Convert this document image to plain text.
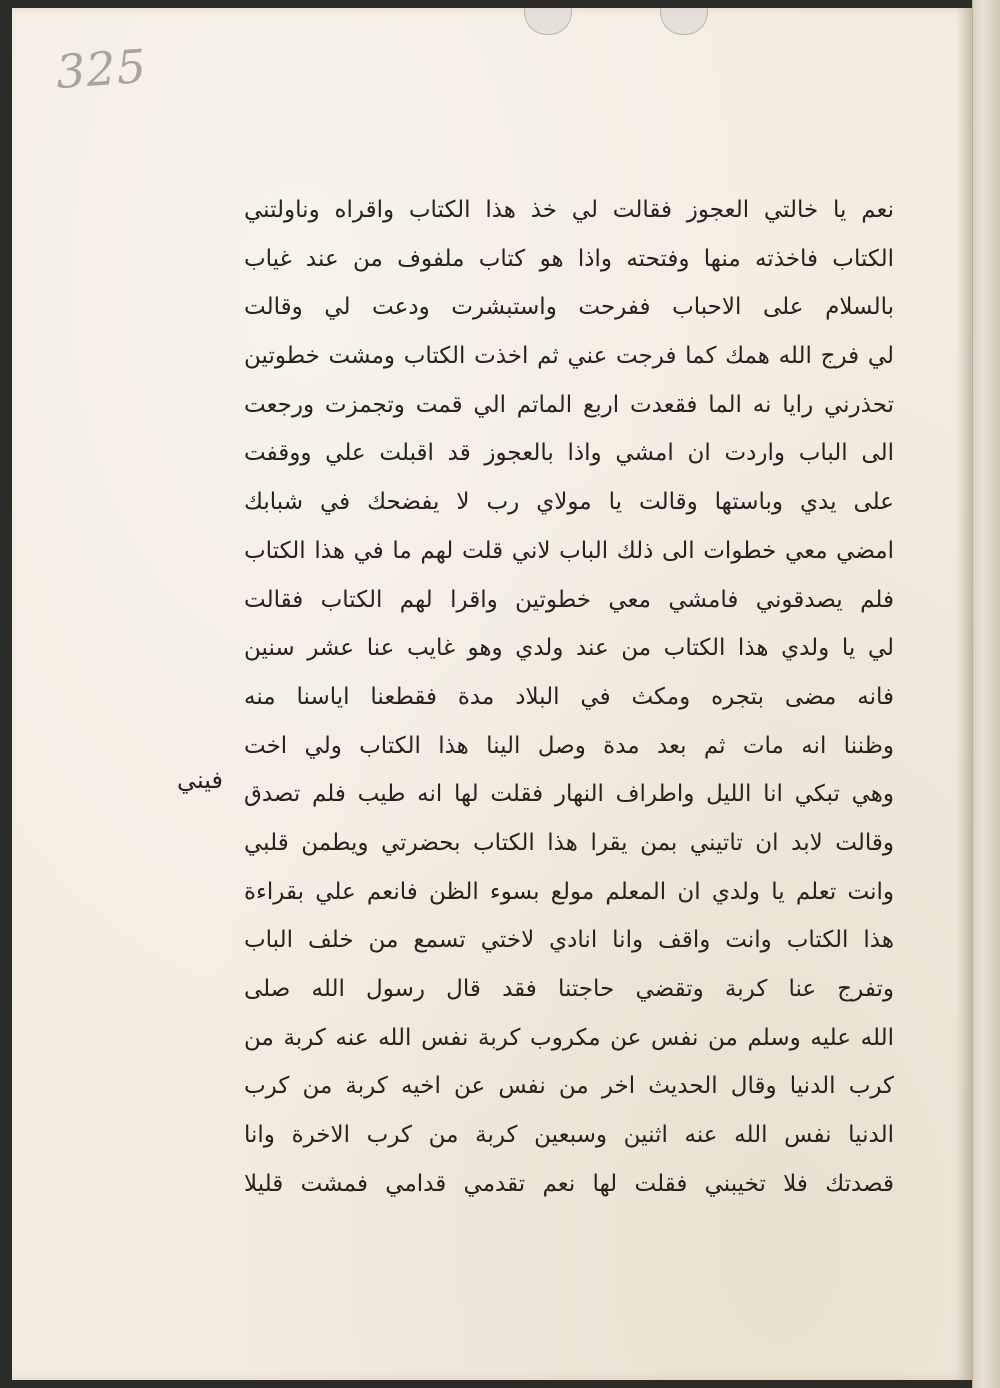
325
فيني
نعم يا خالتي العجوز فقالت لي خذ هذا الكتاب واقراه وناولتني
الكتاب فاخذته منها وفتحته واذا هو كتاب ملفوف من عند غياب
بالسلام على الاحباب ففرحت واستبشرت ودعت لي وقالت
لي فرج الله همك كما فرجت عني ثم اخذت الكتاب ومشت خطوتين
تحذرني رايا نه الما فقعدت اربع الماتم الي قمت وتجمزت ورجعت
الى الباب واردت ان امشي واذا بالعجوز قد اقبلت علي ووقفت
على يدي وباستها وقالت يا مولاي رب لا يفضحك في شبابك
امضي معي خطوات الى ذلك الباب لاني قلت لهم ما في هذا الكتاب
فلم يصدقوني فامشي معي خطوتين واقرا لهم الكتاب فقالت
لي يا ولدي هذا الكتاب من عند ولدي وهو غايب عنا عشر سنين
فانه مضى بتجره ومكث في البلاد مدة فقطعنا اياسنا منه
وظننا انه مات ثم بعد مدة وصل الينا هذا الكتاب ولي اخت
وهي تبكي انا الليل واطراف النهار فقلت لها انه طيب فلم تصدق
وقالت لابد ان تاتيني بمن يقرا هذا الكتاب بحضرتي ويطمن قلبي
وانت تعلم يا ولدي ان المعلم مولع بسوء الظن فانعم علي بقراءة
هذا الكتاب وانت واقف وانا انادي لاختي تسمع من خلف الباب
وتفرج عنا كربة وتقضي حاجتنا فقد قال رسول الله صلى
الله عليه وسلم من نفس عن مكروب كربة نفس الله عنه كربة من
كرب الدنيا وقال الحديث اخر من نفس عن اخيه كربة من كرب
الدنيا نفس الله عنه اثنين وسبعين كربة من كرب الاخرة وانا
قصدتك فلا تخيبني فقلت لها نعم تقدمي قدامي فمشت قليلا
